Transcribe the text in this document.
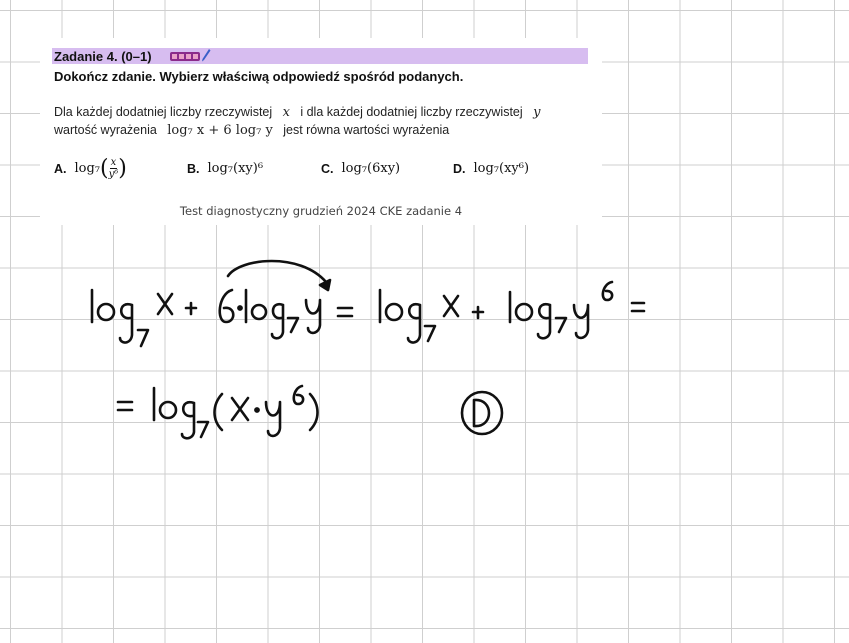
Zadanie 4. (0–1)
Dokończ zdanie. Wybierz właściwą odpowiedź spośród podanych.
Dla każdej dodatniej liczby rzeczywistej x i dla każdej dodatniej liczby rzeczywistej y
wartość wyrażenia log₇ x + 6 log₇ y jest równa wartości wyrażenia
A. log₇ ( $\frac{x}{\text{y⁶}}$ )	B. log₇(xy)⁶	C. log₇(6xy)	D. log₇(xy⁶)
Test diagnostyczny grudzień 2024 CKE zadanie 4
